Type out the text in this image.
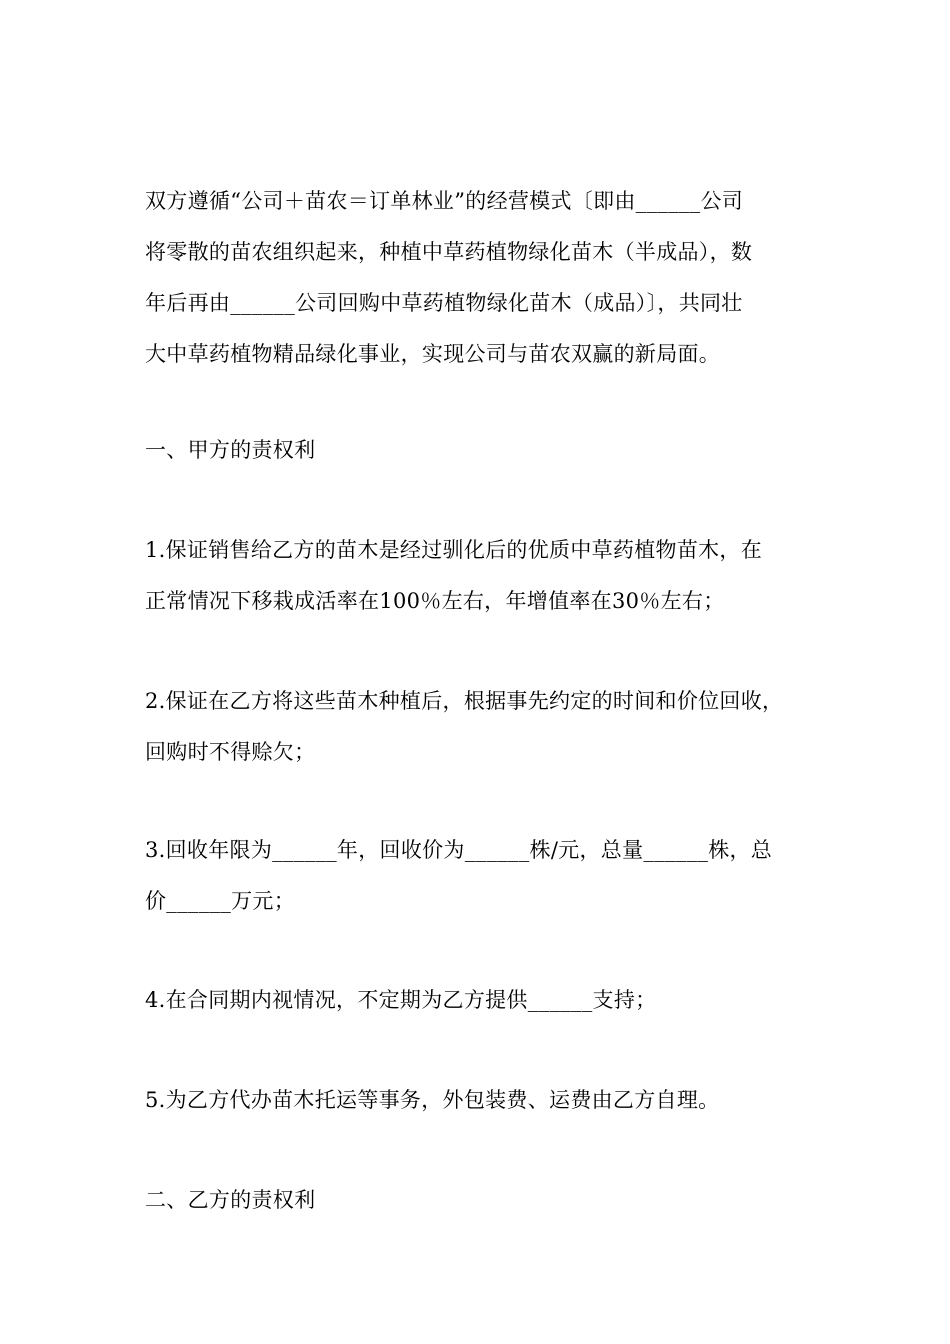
双方遵循“公司＋苗农＝订单林业”的经营模式〔即由______公司
将零散的苗农组织起来，种植中草药植物绿化苗木（半成品），数
年后再由______公司回购中草药植物绿化苗木（成品）〕，共同壮
大中草药植物精品绿化事业，实现公司与苗农双赢的新局面。
一、甲方的责权利
1.保证销售给乙方的苗木是经过驯化后的优质中草药植物苗木，在
正常情况下移栽成活率在100％左右，年增值率在30％左右；
2.保证在乙方将这些苗木种植后，根据事先约定的时间和价位回收，
回购时不得赊欠；
3.回收年限为______年，回收价为______株/元，总量______株，总
价______万元；
4.在合同期内视情况，不定期为乙方提供______支持；
5.为乙方代办苗木托运等事务，外包装费、运费由乙方自理。
二、乙方的责权利
